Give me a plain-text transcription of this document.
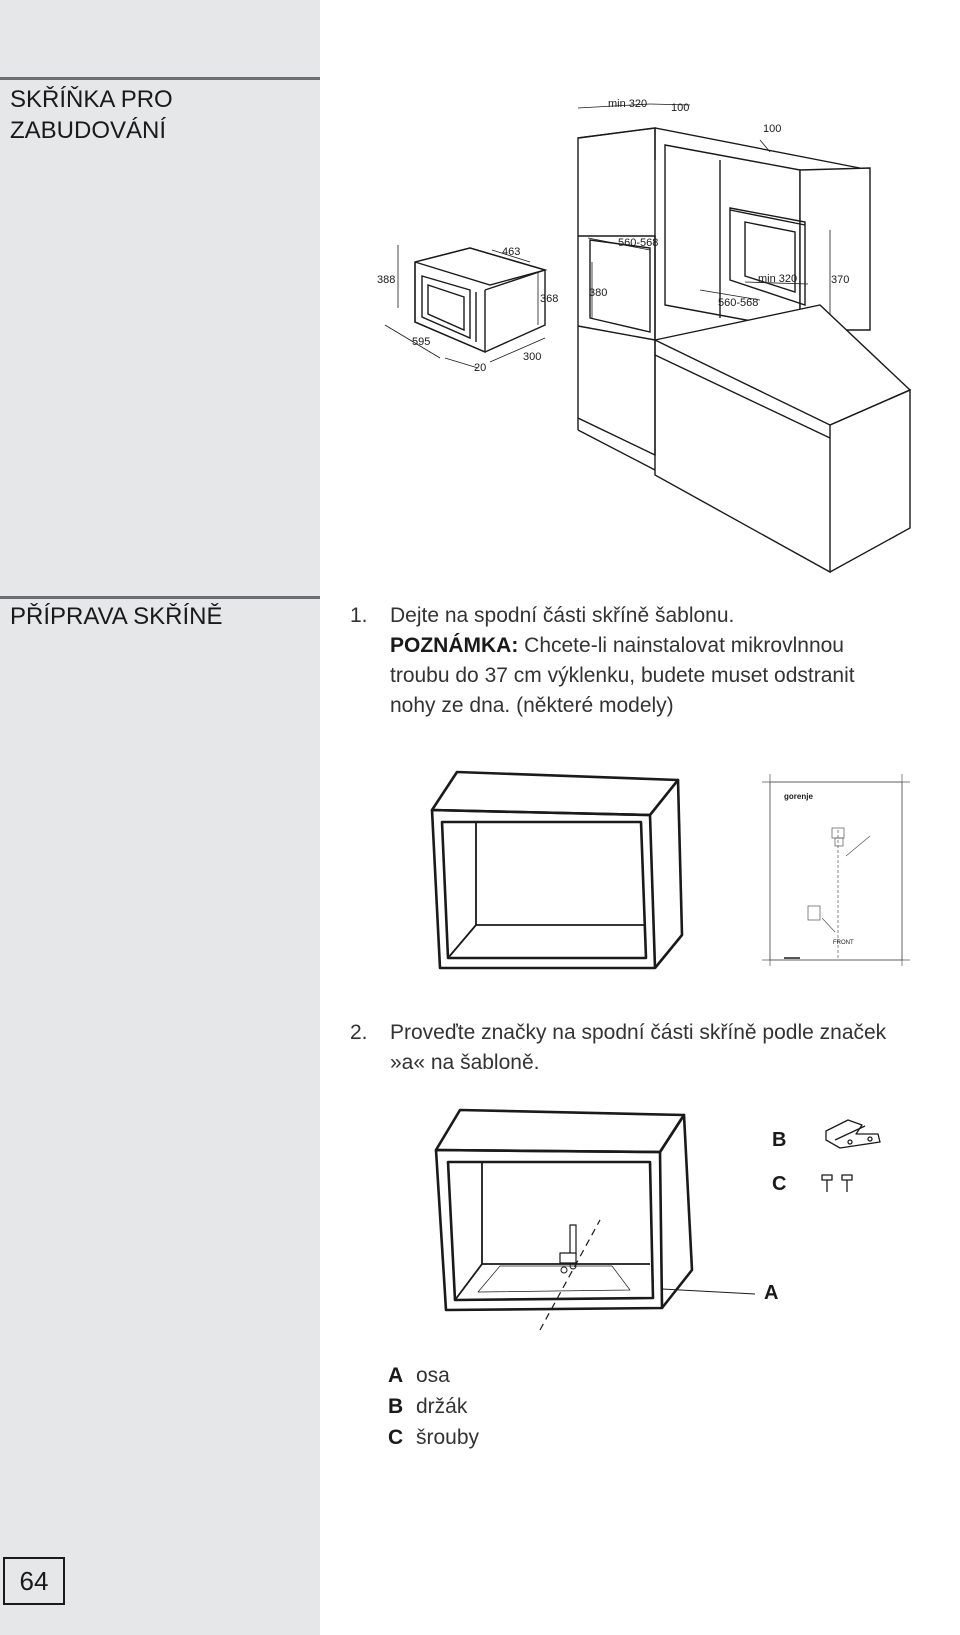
SKŘÍŇKA PRO
ZABUDOVÁNÍ
PŘÍPRAVA SKŘÍNĚ
64
388
463
368
595
20
300
min 320 100
100
560-568
380
560-568
min 320	370
1. Dejte na spodní části skříně šablonu.
POZNÁMKA: Chcete-li nainstalovat mikrovlnnou
troubu do 37 cm výklenku, budete muset odstranit
nohy ze dna. (některé modely)
gorenje
FRONT
2. Proveďte značky na spodní části skříně podle značek
»a« na šabloně.
A
B
C
A osa
B držák
C šrouby
